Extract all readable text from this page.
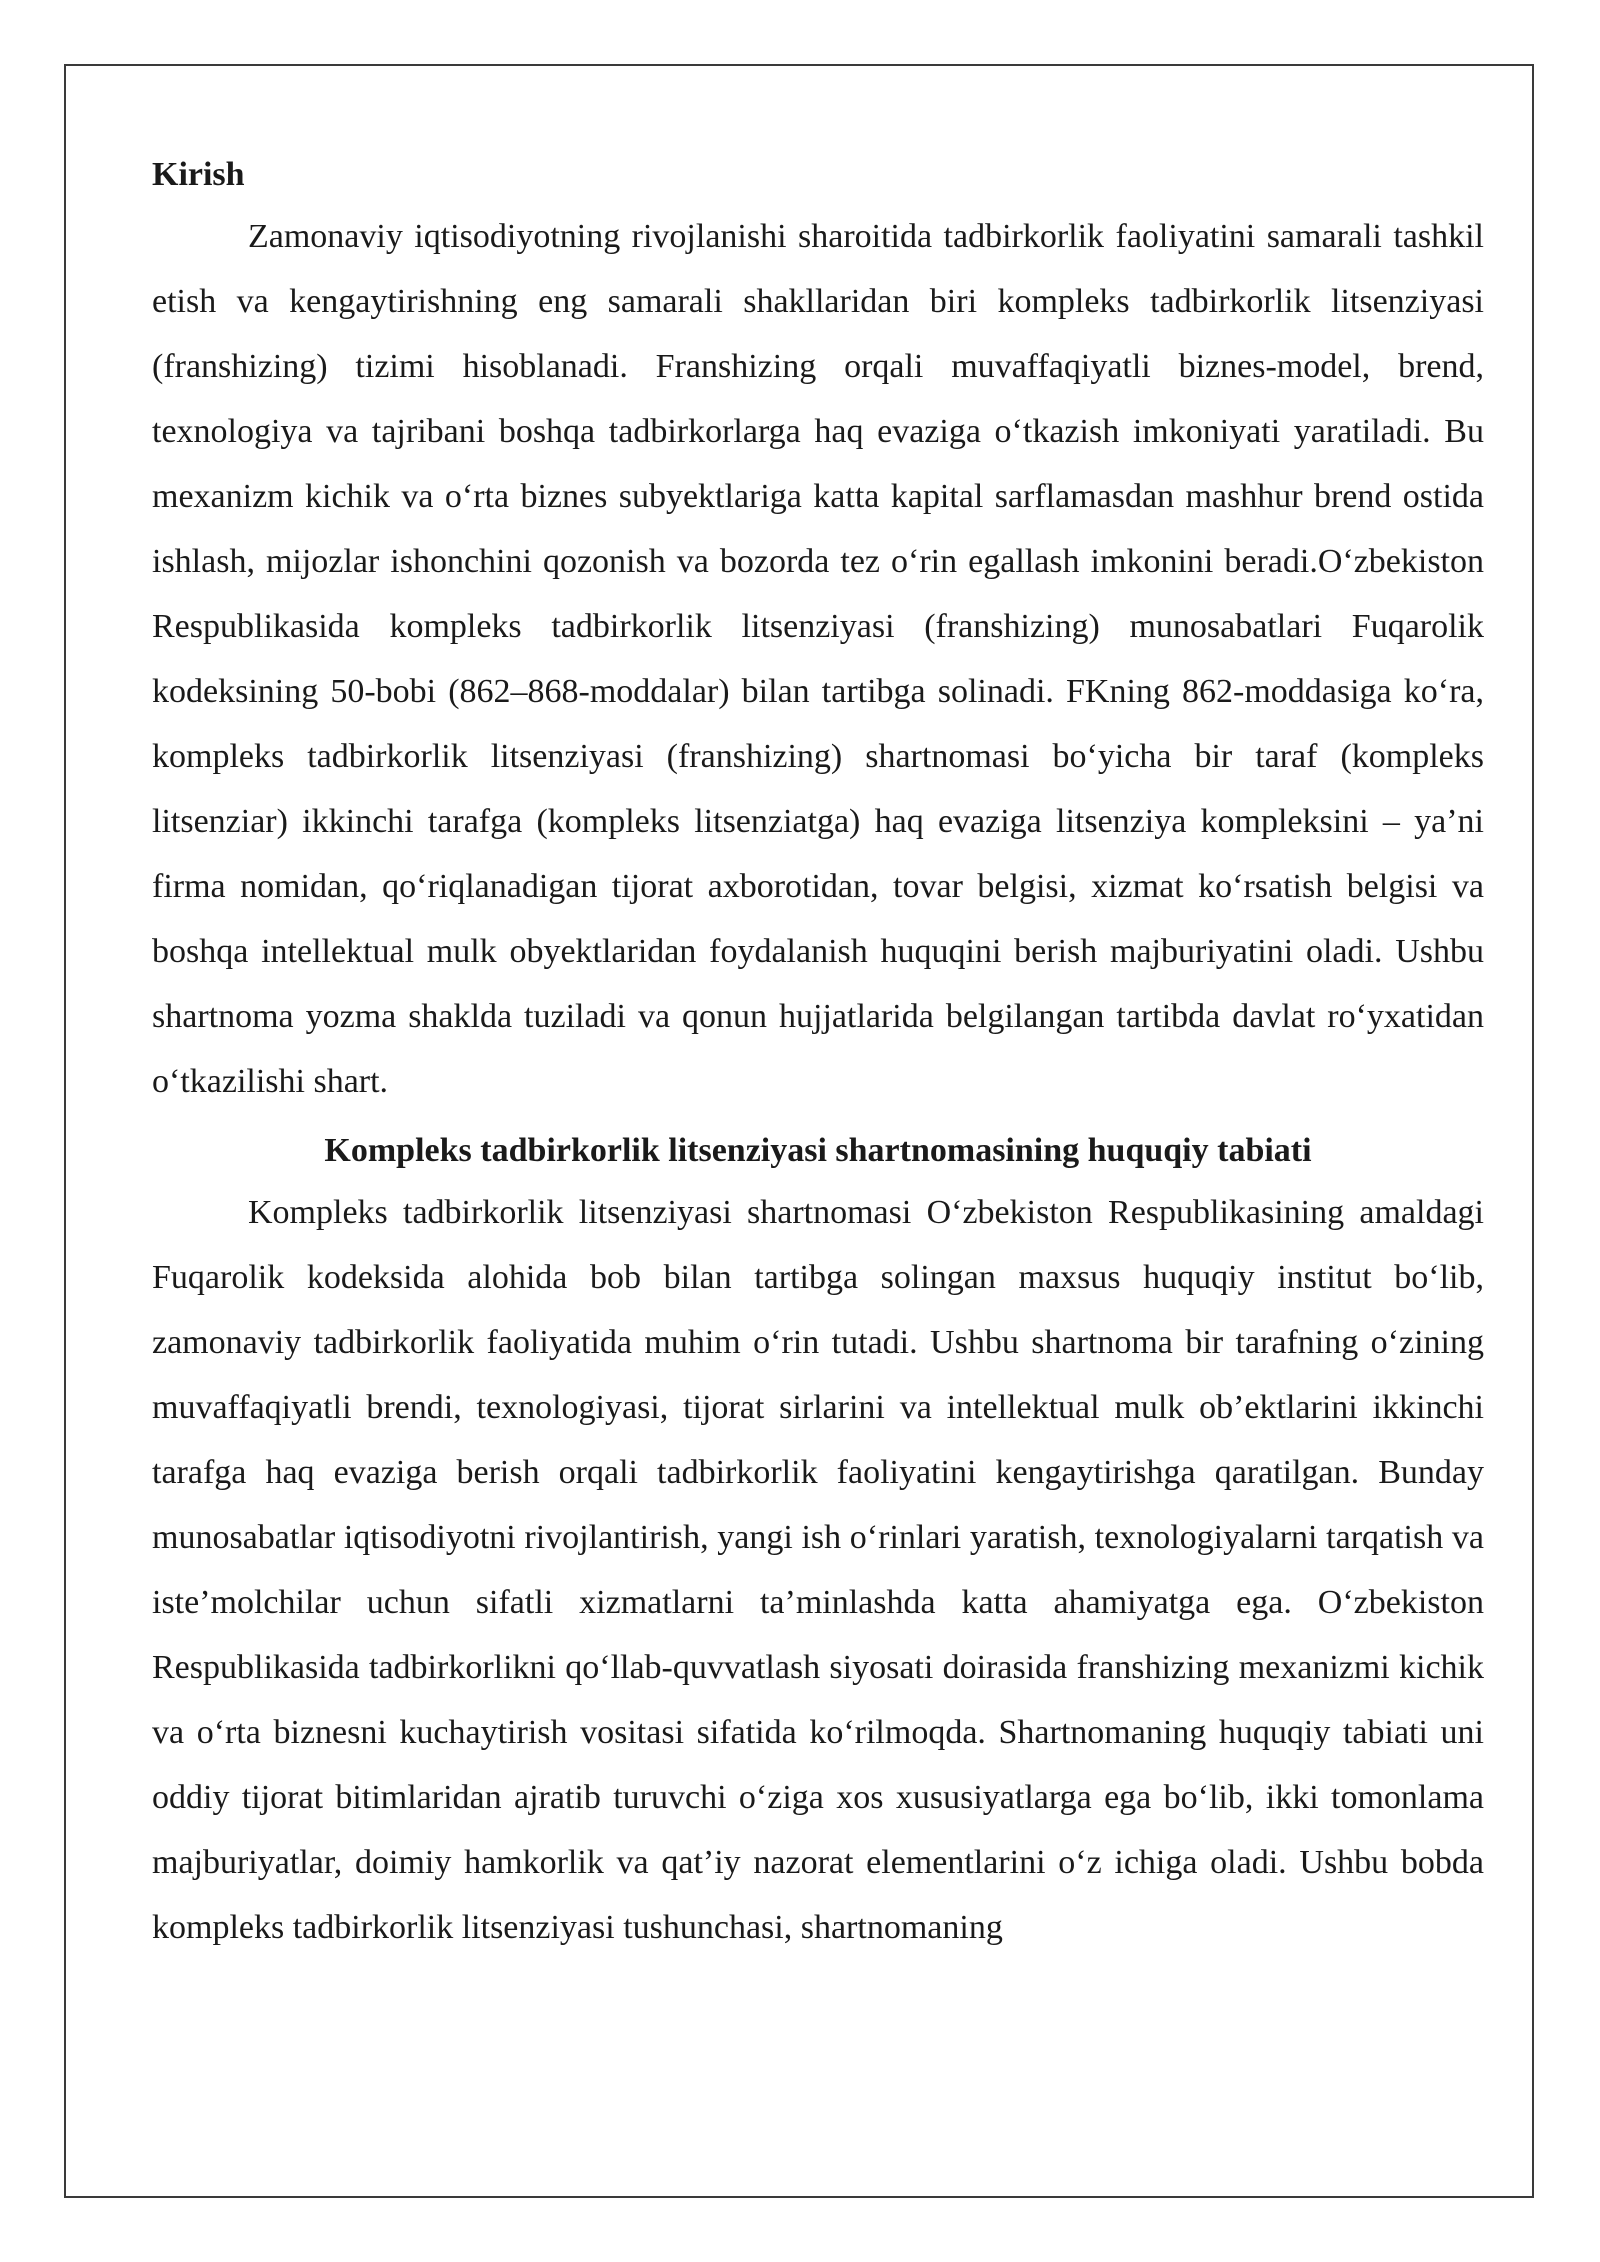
Kirish

Zamonaviy iqtisodiyotning rivojlanishi sharoitida tadbirkorlik faoliyatini samarali tashkil etish va kengaytirishning eng samarali shakllaridan biri kompleks tadbirkorlik litsenziyasi (franshizing) tizimi hisoblanadi. Franshizing orqali muvaffaqiyatli biznes-model, brend, texnologiya va tajribani boshqa tadbirkorlarga haq evaziga o‘tkazish imkoniyati yaratiladi. Bu mexanizm kichik va o‘rta biznes subyektlariga katta kapital sarflamasdan mashhur brend ostida ishlash, mijozlar ishonchini qozonish va bozorda tez o‘rin egallash imkonini beradi.O‘zbekiston Respublikasida kompleks tadbirkorlik litsenziyasi (franshizing) munosabatlari Fuqarolik kodeksining 50-bobi (862–868-moddalar) bilan tartibga solinadi. FKning 862-moddasiga ko‘ra, kompleks tadbirkorlik litsenziyasi (franshizing) shartnomasi bo‘yicha bir taraf (kompleks litsenziar) ikkinchi tarafga (kompleks litsenziatga) haq evaziga litsenziya kompleksini – ya’ni firma nomidan, qo‘riqlanadigan tijorat axborotidan, tovar belgisi, xizmat ko‘rsatish belgisi va boshqa intellektual mulk obyektlaridan foydalanish huquqini berish majburiyatini oladi. Ushbu shartnoma yozma shaklda tuziladi va qonun hujjatlarida belgilangan tartibda davlat ro‘yxatidan o‘tkazilishi shart.

Kompleks tadbirkorlik litsenziyasi shartnomasining huquqiy tabiati

Kompleks tadbirkorlik litsenziyasi shartnomasi O‘zbekiston Respublikasining amaldagi Fuqarolik kodeksida alohida bob bilan tartibga solingan maxsus huquqiy institut bo‘lib, zamonaviy tadbirkorlik faoliyatida muhim o‘rin tutadi. Ushbu shartnoma bir tarafning o‘zining muvaffaqiyatli brendi, texnologiyasi, tijorat sirlarini va intellektual mulk ob’ektlarini ikkinchi tarafga haq evaziga berish orqali tadbirkorlik faoliyatini kengaytirishga qaratilgan. Bunday munosabatlar iqtisodiyotni rivojlantirish, yangi ish o‘rinlari yaratish, texnologiyalarni tarqatish va iste’molchilar uchun sifatli xizmatlarni ta’minlashda katta ahamiyatga ega. O‘zbekiston Respublikasida tadbirkorlikni qo‘llab-quvvatlash siyosati doirasida franshizing mexanizmi kichik va o‘rta biznesni kuchaytirish vositasi sifatida ko‘rilmoqda. Shartnomaning huquqiy tabiati uni oddiy tijorat bitimlaridan ajratib turuvchi o‘ziga xos xususiyatlarga ega bo‘lib, ikki tomonlama majburiyatlar, doimiy hamkorlik va qat’iy nazorat elementlarini o‘z ichiga oladi. Ushbu bobda kompleks tadbirkorlik litsenziyasi tushunchasi, shartnomaning
